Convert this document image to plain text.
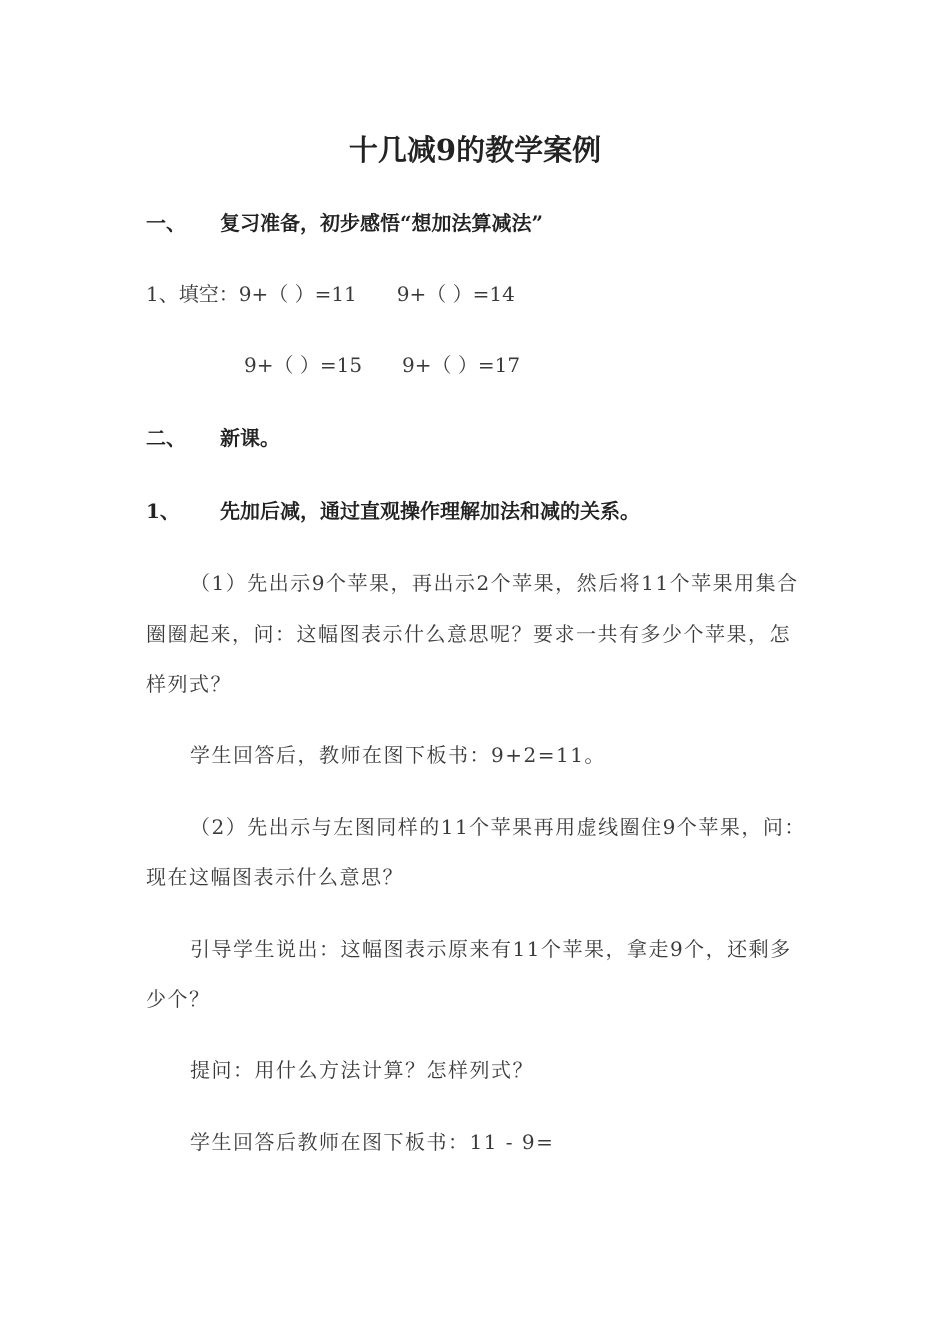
十几减9的教学案例
一、 复习准备，初步感悟“想加法算减法”
1、填空：9+（ ）=11 9+（ ）=14
9+（ ）=15 9+（ ）=17
二、 新课。
1、 先加后减，通过直观操作理解加法和减的关系。
（1）先出示9个苹果，再出示2个苹果，然后将11个苹果用集合
圈圈起来，问：这幅图表示什么意思呢？要求一共有多少个苹果，怎
样列式？
学生回答后，教师在图下板书：9+2=11。
（2）先出示与左图同样的11个苹果再用虚线圈住9个苹果，问：
现在这幅图表示什么意思？
引导学生说出：这幅图表示原来有11个苹果，拿走9个，还剩多
少个？
提问：用什么方法计算？怎样列式？
学生回答后教师在图下板书：11 - 9=
